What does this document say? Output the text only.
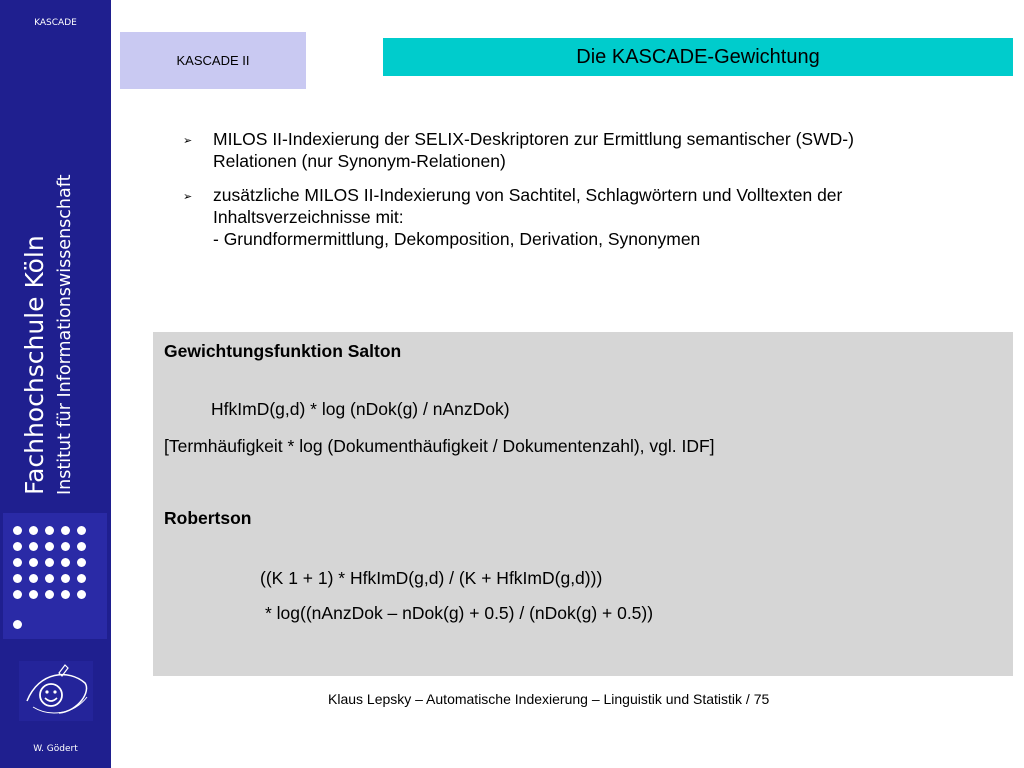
KASCADE
Fachhochschule Köln Institut für Informationswissenschaft
W. Gödert
KASCADE II	Die KASCADE-Gewichtung
➢ MILOS II-Indexierung der SELIX-Deskriptoren zur Ermittlung semantischer (SWD-)
Relationen (nur Synonym-Relationen)
➢ zusätzliche MILOS II-Indexierung von Sachtitel, Schlagwörtern und Volltexten der
Inhaltsverzeichnisse mit:
- Grundformermittlung, Dekomposition, Derivation, Synonymen
Gewichtungsfunktion Salton
HfkImD(g,d) * log (nDok(g) / nAnzDok)
[Termhäufigkeit * log (Dokumenthäufigkeit / Dokumentenzahl), vgl. IDF]
Robertson
((K 1 + 1) * HfkImD(g,d) / (K + HfkImD(g,d)))
* log((nAnzDok – nDok(g) + 0.5) / (nDok(g) + 0.5))
Klaus Lepsky – Automatische Indexierung – Linguistik und Statistik / 75
